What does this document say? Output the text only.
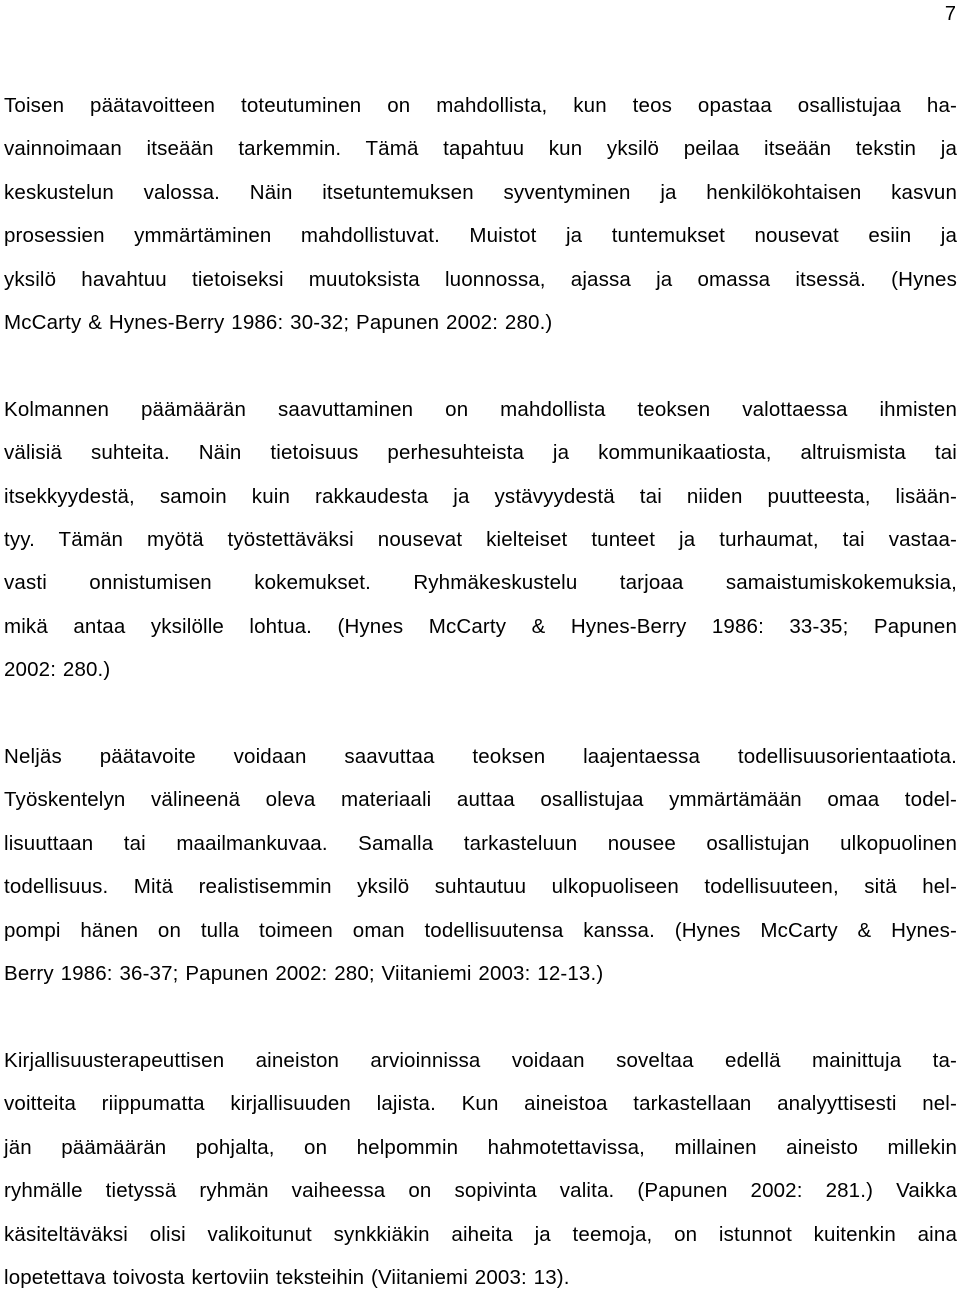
7

Toisen päätavoitteen toteutuminen on mahdollista, kun teos opastaa osallistujaa ha-
vainnoimaan itseään tarkemmin. Tämä tapahtuu kun yksilö peilaa itseään tekstin ja
keskustelun valossa. Näin itsetuntemuksen syventyminen ja henkilökohtaisen kasvun
prosessien ymmärtäminen mahdollistuvat. Muistot ja tuntemukset nousevat esiin ja
yksilö havahtuu tietoiseksi muutoksista luonnossa, ajassa ja omassa itsessä. (Hynes
McCarty & Hynes-Berry 1986: 30-32; Papunen 2002: 280.)

Kolmannen päämäärän saavuttaminen on mahdollista teoksen valottaessa ihmisten
välisiä suhteita. Näin tietoisuus perhesuhteista ja kommunikaatiosta, altruismista tai
itsekkyydestä, samoin kuin rakkaudesta ja ystävyydestä tai niiden puutteesta, lisään-
tyy. Tämän myötä työstettäväksi nousevat kielteiset tunteet ja turhaumat, tai vastaa-
vasti onnistumisen kokemukset. Ryhmäkeskustelu tarjoaa samaistumiskokemuksia,
mikä antaa yksilölle lohtua. (Hynes McCarty & Hynes-Berry 1986: 33-35; Papunen
2002: 280.)

Neljäs päätavoite voidaan saavuttaa teoksen laajentaessa todellisuusorientaatiota.
Työskentelyn välineenä oleva materiaali auttaa osallistujaa ymmärtämään omaa todel-
lisuuttaan tai maailmankuvaa. Samalla tarkasteluun nousee osallistujan ulkopuolinen
todellisuus. Mitä realistisemmin yksilö suhtautuu ulkopuoliseen todellisuuteen, sitä hel-
pompi hänen on tulla toimeen oman todellisuutensa kanssa. (Hynes McCarty & Hynes-
Berry 1986: 36-37; Papunen 2002: 280; Viitaniemi 2003: 12-13.)

Kirjallisuusterapeuttisen aineiston arvioinnissa voidaan soveltaa edellä mainittuja ta-
voitteita riippumatta kirjallisuuden lajista. Kun aineistoa tarkastellaan analyyttisesti nel-
jän päämäärän pohjalta, on helpommin hahmotettavissa, millainen aineisto millekin
ryhmälle tietyssä ryhmän vaiheessa on sopivinta valita. (Papunen 2002: 281.) Vaikka
käsiteltäväksi olisi valikoitunut synkkiäkin aiheita ja teemoja, on istunnot kuitenkin aina
lopetettava toivosta kertoviin teksteihin (Viitaniemi 2003: 13).
